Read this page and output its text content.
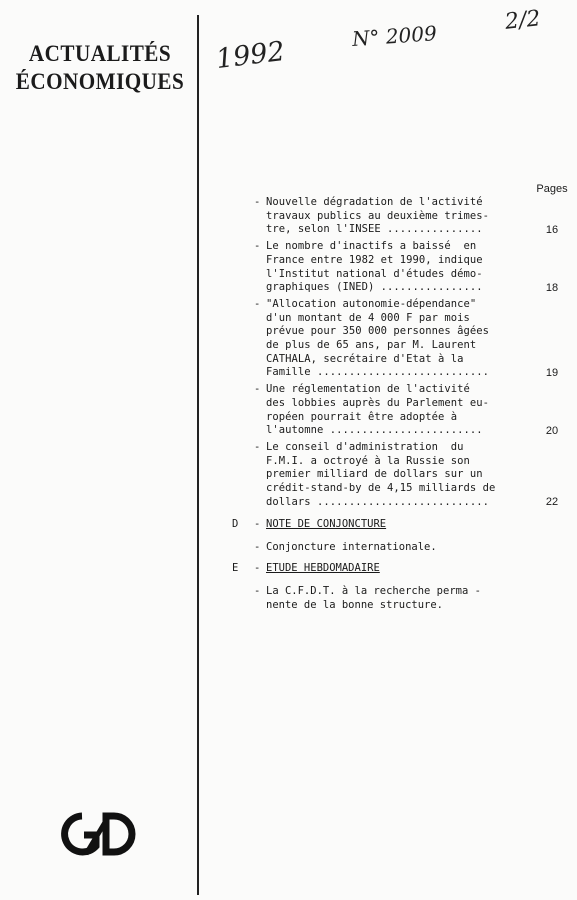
ACTUALITÉS
ÉCONOMIQUES
1992	N° 2009
2/2
Pages
- Nouvelle dégradation de l'activité
travaux publics au deuxième trimes-
tre, selon l'INSEE ...............	16
- Le nombre d'inactifs a baissé  en
France entre 1982 et 1990, indique
l'Institut national d'études démo-
graphiques (INED) ................	18
- "Allocation autonomie-dépendance"
d'un montant de 4 000 F par mois
prévue pour 350 000 personnes âgées
de plus de 65 ans, par M. Laurent
CATHALA, secrétaire d'Etat à la
Famille ...........................	19
- Une réglementation de l'activité
des lobbies auprès du Parlement eu-
ropéen pourrait être adoptée à
l'automne ........................	20
- Le conseil d'administration  du
F.M.I. a octroyé à la Russie son
premier milliard de dollars sur un
crédit-stand-by de 4,15 milliards de
dollars ...........................	22
D	- NOTE DE CONJONCTURE
- Conjoncture internationale.
E	- ETUDE HEBDOMADAIRE
- La C.F.D.T. à la recherche perma -
nente de la bonne structure.
